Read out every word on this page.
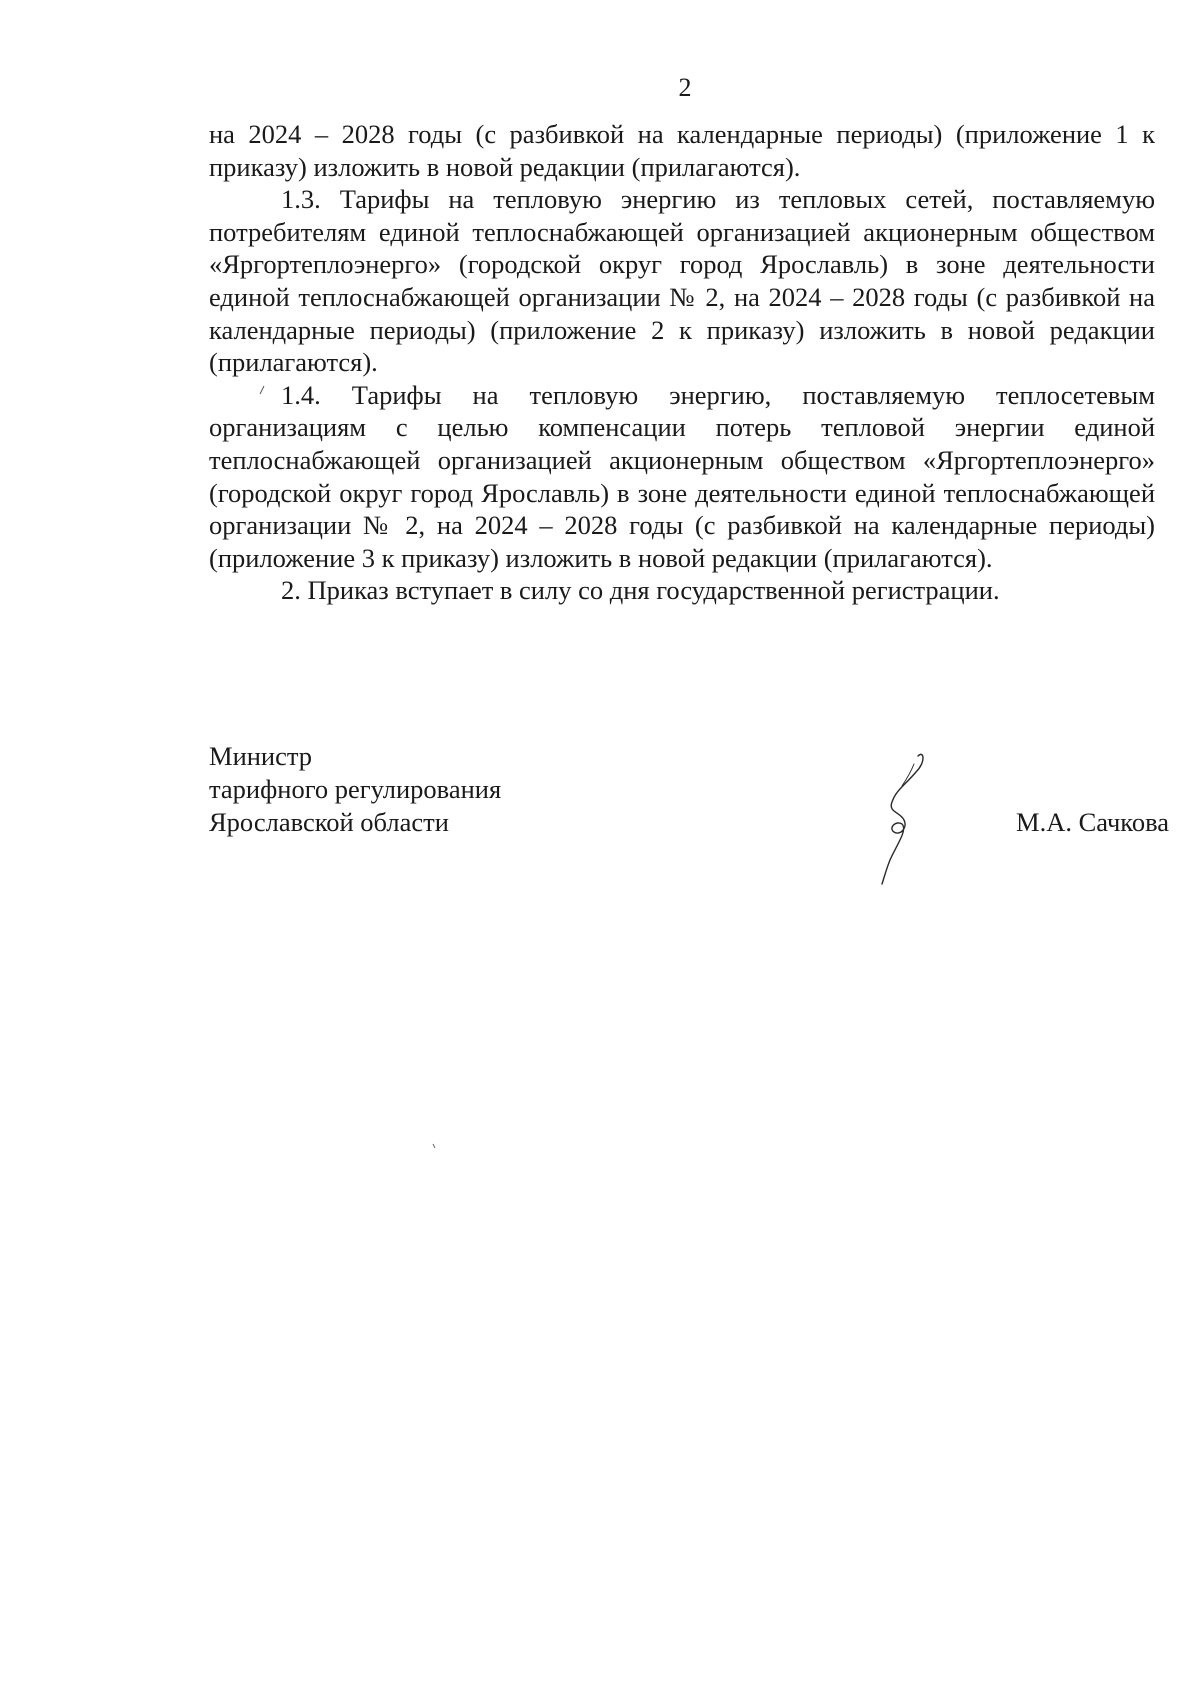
2

на 2024 – 2028 годы (с разбивкой на календарные периоды) (приложение 1 к приказу) изложить в новой редакции (прилагаются).

1.3. Тарифы на тепловую энергию из тепловых сетей, поставляемую потребителям единой теплоснабжающей организацией акционерным обществом «Яргортеплоэнерго» (городской округ город Ярославль) в зоне деятельности единой теплоснабжающей организации № 2, на 2024 – 2028 годы (с разбивкой на календарные периоды) (приложение 2 к приказу) изложить в новой редакции (прилагаются).

1.4. Тарифы на тепловую энергию, поставляемую теплосетевым организациям с целью компенсации потерь тепловой энергии единой теплоснабжающей организацией акционерным обществом «Яргортеплоэнерго» (городской округ город Ярославль) в зоне деятельности единой теплоснабжающей организации № 2, на 2024 – 2028 годы (с разбивкой на календарные периоды) (приложение 3 к приказу) изложить в новой редакции (прилагаются).

2. Приказ вступает в силу со дня государственной регистрации.

Министр
тарифного регулирования
Ярославской области	М.А. Сачкова
